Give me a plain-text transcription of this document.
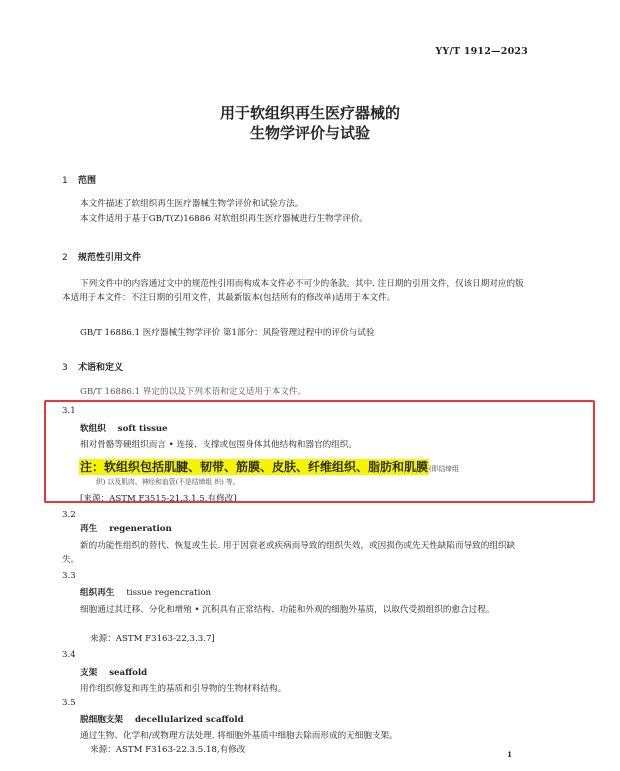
YY/T 1912—2023
用于软组织再生医疗器械的
生物学评价与试验
1 范围
本文件描述了软组织再生医疗器械生物学评价和试验方法。
本文件适用于基于GB/T(Z)16886 对软组织再生医疗器械进行生物学评价。
2 规范性引用文件
下列文件中的内容通过文中的规范性引用而构成本文件必不可少的条款。其中. 注日期的引用文件，仅该日期对应的版本适用于本文件：不注日期的引用文件，其最新版本(包括所有的修改单)适用于本文件。
GB/T 16886.1 医疗器械生物学评价 第1部分：风险管理过程中的评价与试验
3 术语和定义
GB/T 16886.1 界定的以及下列术语和定义适用于本文件。
3.1
软组织 soft tissue
相对骨骼等硬组织而言 • 连接、支撑或包围身体其他结构和器官的组织。
注：软组织包括肌腱、韧带、筋膜、皮肤、纤维组织、脂肪和肌膜(即结缔组
织) 以及肌肉、神经和血管(不是结缔组 织) 等。
[来源：ASTM F3515-21.3.1.5,有修改]
3.2
再生 regeneration
新的功能性组织的替代、恢复或生长. 用于因衰老或疾病而导致的组织失效，或因损伤或先天性缺陷而导致的组织缺失。
3.3
组织再生 tissue regencration
细胞通过其迁移、分化和增殖 • 沉积具有正常结构、功能和外观的细胞外基质，以取代受损组织的愈合过程。
来源：ASTM F3163-22,3.3.7]
3.4
支架 seaffold
用作组织修复和再生的基质和引导物的生物材料结构。
3.5
脱细胞支架 decellularized scaffold
通过生物、化学和/或物理方法处理. 将细胞外基质中细胞去除而形成的无细胞支架。
来源：ASTM F3163-22.3.5.18,有修改	1
